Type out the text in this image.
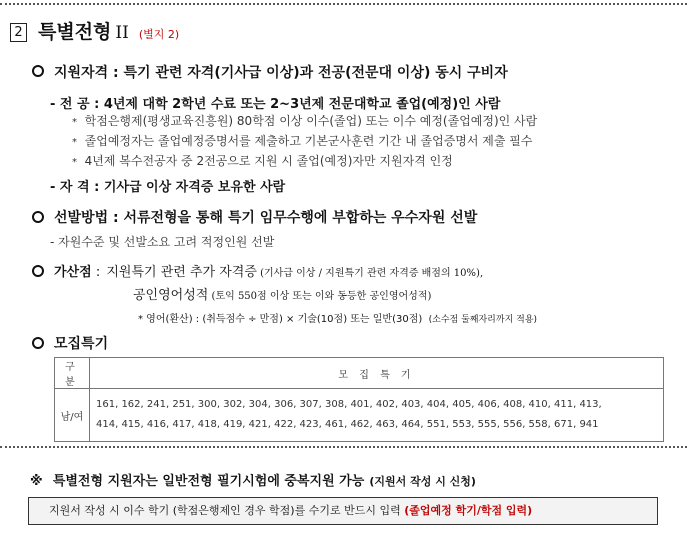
2 특별전형 II (별지 2)
지원자격 : 특기 관련 자격(기사급 이상)과 전공(전문대 이상) 동시 구비자
- 전 공 : 4년제 대학 2학년 수료 또는 2~3년제 전문대학교 졸업(예정)인 사람
* 학점은행제(평생교육진흥원) 80학점 이상 이수(졸업) 또는 이수 예정(졸업예정)인 사람
* 졸업예정자는 졸업예정증명서를 제출하고 기본군사훈련 기간 내 졸업증명서 제출 필수
* 4년제 복수전공자 중 2전공으로 지원 시 졸업(예정)자만 지원자격 인정
- 자 격 : 기사급 이상 자격증 보유한 사람
선발방법 : 서류전형을 통해 특기 임무수행에 부합하는 우수자원 선발
- 자원수준 및 선발소요 고려 적정인원 선발
가산점 : 지원특기 관련 추가 자격증 (기사급 이상 / 지원특기 관련 자격증 배점의 10%),
공인영어성적 (토익 550점 이상 또는 이와 동등한 공인영어성적)
* 영어(환산) : (취득점수 ÷ 만점) × 기술(10점) 또는 일반(30점) (소수점 둘째자리까지 적용)
모집특기
구 분	모 집 특 기
남/여	161, 162, 241, 251, 300, 302, 304, 306, 307, 308, 401, 402, 403, 404, 405, 406, 408, 410, 411, 413,
414, 415, 416, 417, 418, 419, 421, 422, 423, 461, 462, 463, 464, 551, 553, 555, 556, 558, 671, 941
※ 특별전형 지원자는 일반전형 필기시험에 중복지원 가능 (지원서 작성 시 신청)
지원서 작성 시 이수 학기 (학점은행제인 경우 학점)를 수기로 반드시 입력 (졸업예정 학기/학점 입력)
